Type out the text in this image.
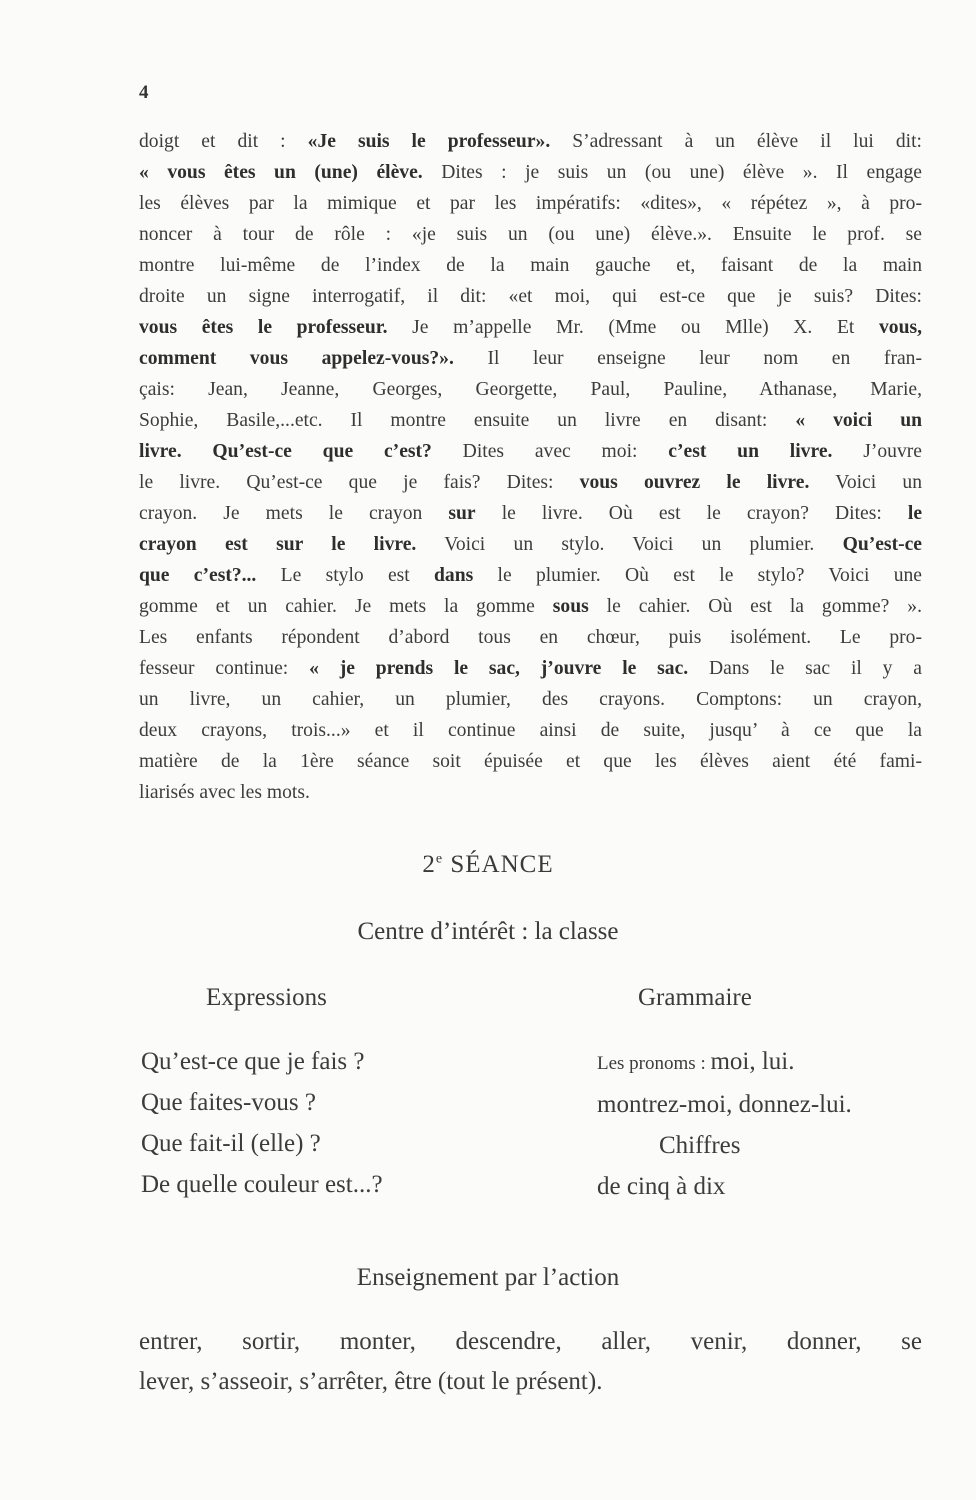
4
doigt et dit : «Je suis le professeur». S’adressant à un élève il lui dit:
« vous êtes un (une) élève. Dites : je suis un (ou une) élève ». Il engage
les élèves par la mimique et par les impératifs: «dites», « répétez », à pro-
noncer à tour de rôle : «je suis un (ou une) élève.». Ensuite le prof. se
montre lui-même de l’index de la main gauche et, faisant de la main
droite un signe interrogatif, il dit: «et moi, qui est-ce que je suis? Dites:
vous êtes le professeur. Je m’appelle Mr. (Mme ou Mlle) X. Et vous,
comment vous appelez-vous?». Il leur enseigne leur nom en fran-
çais: Jean, Jeanne, Georges, Georgette, Paul, Pauline, Athanase, Marie,
Sophie, Basile,...etc. Il montre ensuite un livre en disant: « voici un
livre. Qu’est-ce que c’est? Dites avec moi: c’est un livre. J’ouvre
le livre. Qu’est-ce que je fais? Dites: vous ouvrez le livre. Voici un
crayon. Je mets le crayon sur le livre. Où est le crayon? Dites: le
crayon est sur le livre. Voici un stylo. Voici un plumier. Qu’est-ce
que c’est?... Le stylo est dans le plumier. Où est le stylo? Voici une
gomme et un cahier. Je mets la gomme sous le cahier. Où est la gomme? ».
Les enfants répondent d’abord tous en chœur, puis isolément. Le pro-
fesseur continue: « je prends le sac, j’ouvre le sac. Dans le sac il y a
un livre, un cahier, un plumier, des crayons. Comptons: un crayon,
deux crayons, trois...» et il continue ainsi de suite, jusqu’ à ce que la
matière de la 1ère séance soit épuisée et que les élèves aient été fami-
liarisés avec les mots.
2e SÉANCE
Centre d’intérêt : la classe
Expressions	Grammaire
Qu’est-ce que je fais ?
Que faites-vous ?
Que fait-il (elle) ?
De quelle couleur est...?
Les pronoms : moi, lui.
montrez-moi, donnez-lui.
Chiffres
de cinq à dix
Enseignement par l’action
entrer, sortir, monter, descendre, aller, venir, donner, se
lever, s’asseoir, s’arrêter, être (tout le présent).
